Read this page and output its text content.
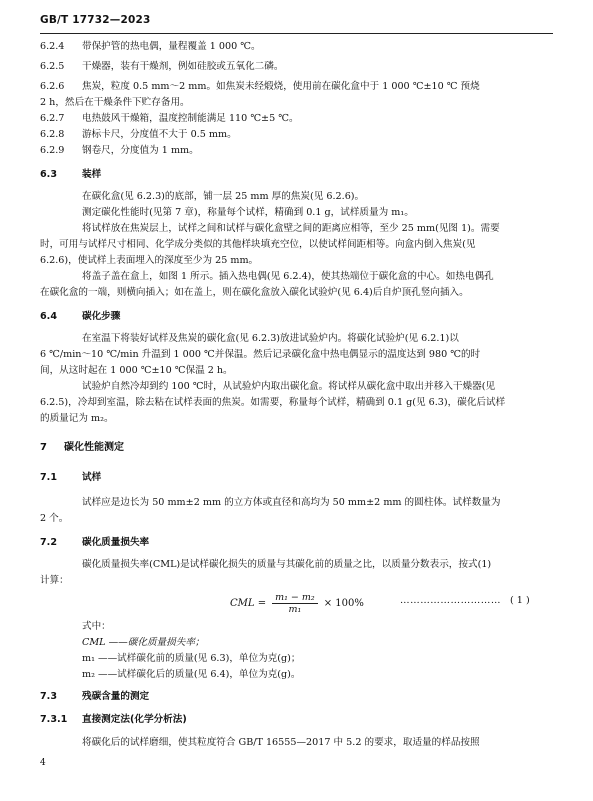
GB/T 17732—2023
6.2.4 带保护管的热电偶，量程覆盖 1 000 ℃。
6.2.5 干燥器，装有干燥剂，例如硅胶或五氧化二磷。
6.2.6 焦炭，粒度 0.5 mm～2 mm。如焦炭未经煅烧，使用前在碳化盒中于 1 000 ℃±10 ℃ 预烧
2 h，然后在干燥条件下贮存备用。
6.2.7 电热鼓风干燥箱，温度控制能满足 110 ℃±5 ℃。
6.2.8 游标卡尺，分度值不大于 0.5 mm。
6.2.9 钢卷尺，分度值为 1 mm。
6.3	装样
在碳化盒(见 6.2.3)的底部，铺一层 25 mm 厚的焦炭(见 6.2.6)。
测定碳化性能时(见第 7 章)，称量每个试样，精确到 0.1 g，试样质量为 m₁。
将试样放在焦炭层上，试样之间和试样与碳化盒壁之间的距离应相等，至少 25 mm(见图 1)。需要
时，可用与试样尺寸相同、化学成分类似的其他样块填充空位，以使试样间距相等。向盒内倒入焦炭(见
6.2.6)，使试样上表面埋入的深度至少为 25 mm。
将盖子盖在盒上，如图 1 所示。插入热电偶(见 6.2.4)，使其热端位于碳化盒的中心。如热电偶孔
在碳化盒的一端，则横向插入；如在盖上，则在碳化盒放入碳化试验炉(见 6.4)后自炉顶孔竖向插入。
6.4	碳化步骤
在室温下将装好试样及焦炭的碳化盒(见 6.2.3)放进试验炉内。将碳化试验炉(见 6.2.1)以
6 ℃/min～10 ℃/min 升温到 1 000 ℃并保温。然后记录碳化盒中热电偶显示的温度达到 980 ℃的时
间，从这时起在 1 000 ℃±10 ℃保温 2 h。
试验炉自然冷却到约 100 ℃时，从试验炉内取出碳化盒。将试样从碳化盒中取出并移入干燥器(见
6.2.5)，冷却到室温，除去粘在试样表面的焦炭。如需要，称量每个试样，精确到 0.1 g(见 6.3)，碳化后试样
的质量记为 m₂。
7 碳化性能测定
7.1	试样
试样应是边长为 50 mm±2 mm 的立方体或直径和高均为 50 mm±2 mm 的圆柱体。试样数量为
2 个。
7.2	碳化质量损失率
碳化质量损失率(CML)是试样碳化损失的质量与其碳化前的质量之比，以质量分数表示，按式(1)
计算：
CML = $\frac{\text{m₁ − m₂}}{\text{m₁}} \times 100\%$	………………………… ( 1 )
式中：
CML ——碳化质量损失率；
m₁ ——试样碳化前的质量(见 6.3)，单位为克(g)；
m₂ ——试样碳化后的质量(见 6.4)，单位为克(g)。
7.3	残碳含量的测定
7.3.1 直接测定法(化学分析法)
将碳化后的试样磨细，使其粒度符合 GB/T 16555—2017 中 5.2 的要求，取适量的样品按照
4
